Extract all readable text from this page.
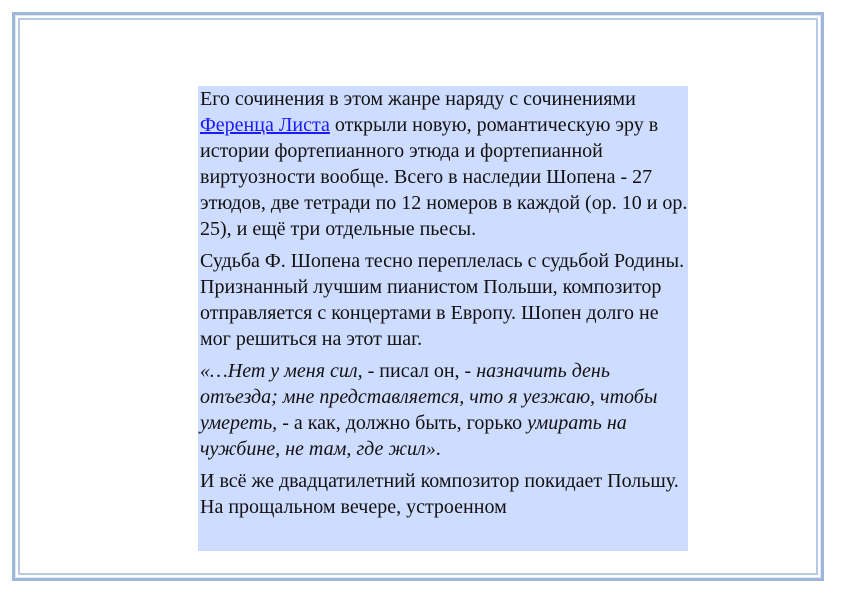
Его сочинения в этом жанре наряду с сочинениями Ференца Листа открыли новую, романтическую эру в истории фортепианного этюда и фортепианной виртуозности вообще. Всего в наследии Шопена - 27 этюдов, две тетради по 12 номеров в каждой (ор. 10 и ор. 25), и ещё три отдельные пьесы.

Судьба Ф. Шопена тесно переплелась с судьбой Родины. Признанный лучшим пианистом Польши, композитор отправляется с концертами в Европу. Шопен долго не мог решиться на этот шаг.

«…Нет у меня сил, - писал он, - назначить день отъезда; мне представляется, что я уезжаю, чтобы умереть, - а как, должно быть, горько умирать на чужбине, не там, где жил».

И всё же двадцатилетний композитор покидает Польшу. На прощальном вечере, устроенном
